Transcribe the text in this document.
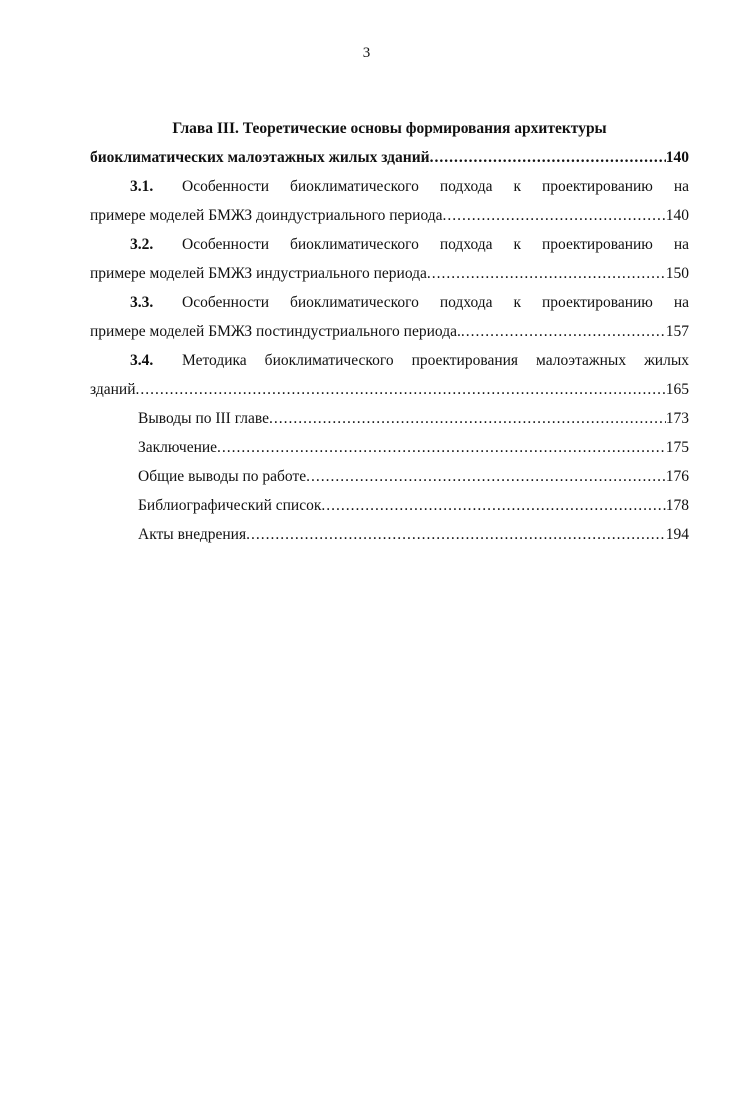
3
Глава III. Теоретические основы формирования архитектуры
биоклиматических малоэтажных жилых зданий .....	140
3.1. Особенности биоклиматического подхода к проектированию на
примере моделей БМЖЗ доиндустриального периода .....	140
3.2. Особенности биоклиматического подхода к проектированию на
примере моделей БМЖЗ индустриального периода .....	150
3.3. Особенности биоклиматического подхода к проектированию на
примере моделей БМЖЗ постиндустриального периода. .....	157
3.4. Методика биоклиматического проектирования малоэтажных жилых
зданий .....	165
Выводы по III главе .....	173
Заключение .....	175
Общие выводы по работе .....	176
Библиографический список .....	178
Акты внедрения .....	194
